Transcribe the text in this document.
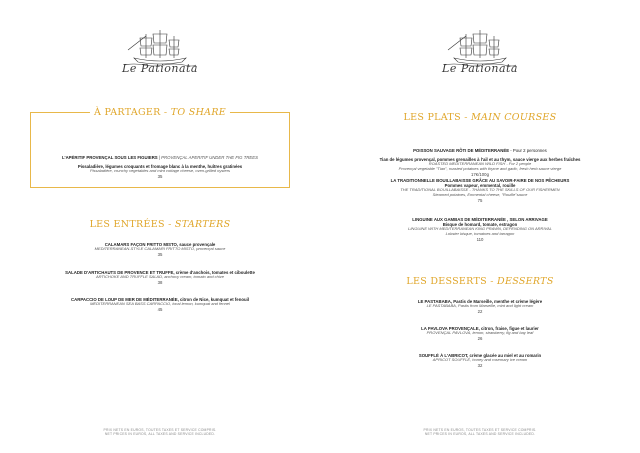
Le Pationata
À PARTAGER - TO SHARE
L'APÉRITIF PROVENÇAL SOUS LES FIGUIERS | PROVENÇAL APERITIF UNDER THE FIG TREES
Pissaladière, légumes croquants et fromage blanc à la menthe, huîtres gratinées
Pissaladière, crunchy vegetables and mint cottage cheese, oven-grilled oysters
35
LES ENTRÉES - STARTERS
CALAMARS FAÇON FRITTO MISTO, sauce provençale
MEDITERRANEAN-STYLE CALAMARI FRITTO MISTO, provençal sauce
35
SALADE D'ARTICHAUTS DE PROVENCE ET TRUFFE, crème d'anchois, tomates et ciboulette
ARTICHOKE AND TRUFFLE SALAD, anchovy cream, tomato and chive
38
CARPACCIO DE LOUP DE MER DE MÉDITERRANÉE, citron de Nice, kumquat et fenouil
MEDITERRANEAN SEA BASS CARPACCIO, local lemon, kumquat and fennel
45
PRIX NETS EN EUROS, TOUTES TAXES ET SERVICE COMPRIS.
NET PRICES IN EUROS, ALL TAXES AND SERVICE INCLUDED.
Le Pationata
LES PLATS - MAIN COURSES
POISSON SAUVAGE RÔTI DE MÉDITERRANÉE - Pour 2 personnes
Tian de légumes provençal, pommes grenailles à l'ail et au thym, sauce vierge aux herbes fraîches
ROASTED MEDITERRANEAN WILD FISH - For 2 people
Provençal vegetable "Tian", roasted potatoes with thyme and garlic, fresh herb sauce vierge
17€/100g
LA TRADITIONNELLE BOUILLABAISSE GRÂCE AU SAVOIR-FAIRE DE NOS PÊCHEURS
Pommes vapeur, emmental, rouille
THE TRADITIONAL BOUILLABAISSE - THANKS TO THE SKILLS OF OUR FISHERMEN
Steamed potatoes, Emmental cheese, "Rouille"sauce
75
LINGUINE AUX GAMBAS DE MÉDITERRANÉE , SELON ARRIVAGE
Bisque de homard, tomate, estragon
LINGUINE WITH MEDITERRANEAN KING PRAWN, DEPENDING ON ARRIVAL
Lobster bisque, tomatoes and tarragon
110
LES DESSERTS - DESSERTS
LE PASTABABA, Pastis de Marseille, menthe et crème légère
LE PASTABABA, Pastis from Marseille, mint and light cream
22
LA PAVLOVA PROVENÇALE, citron, fraise, figue et laurier
PROVENÇAL PAVLOVA, lemon, strawberry, fig and bay leaf
26
SOUFFLÉ À L'ABRICOT, crème glacée au miel et au romarin
APRICOT SOUFFLÉ, honey and rosemary ice cream
32
PRIX NETS EN EUROS, TOUTES TAXES ET SERVICE COMPRIS.
NET PRICES IN EUROS, ALL TAXES AND SERVICE INCLUDED.
